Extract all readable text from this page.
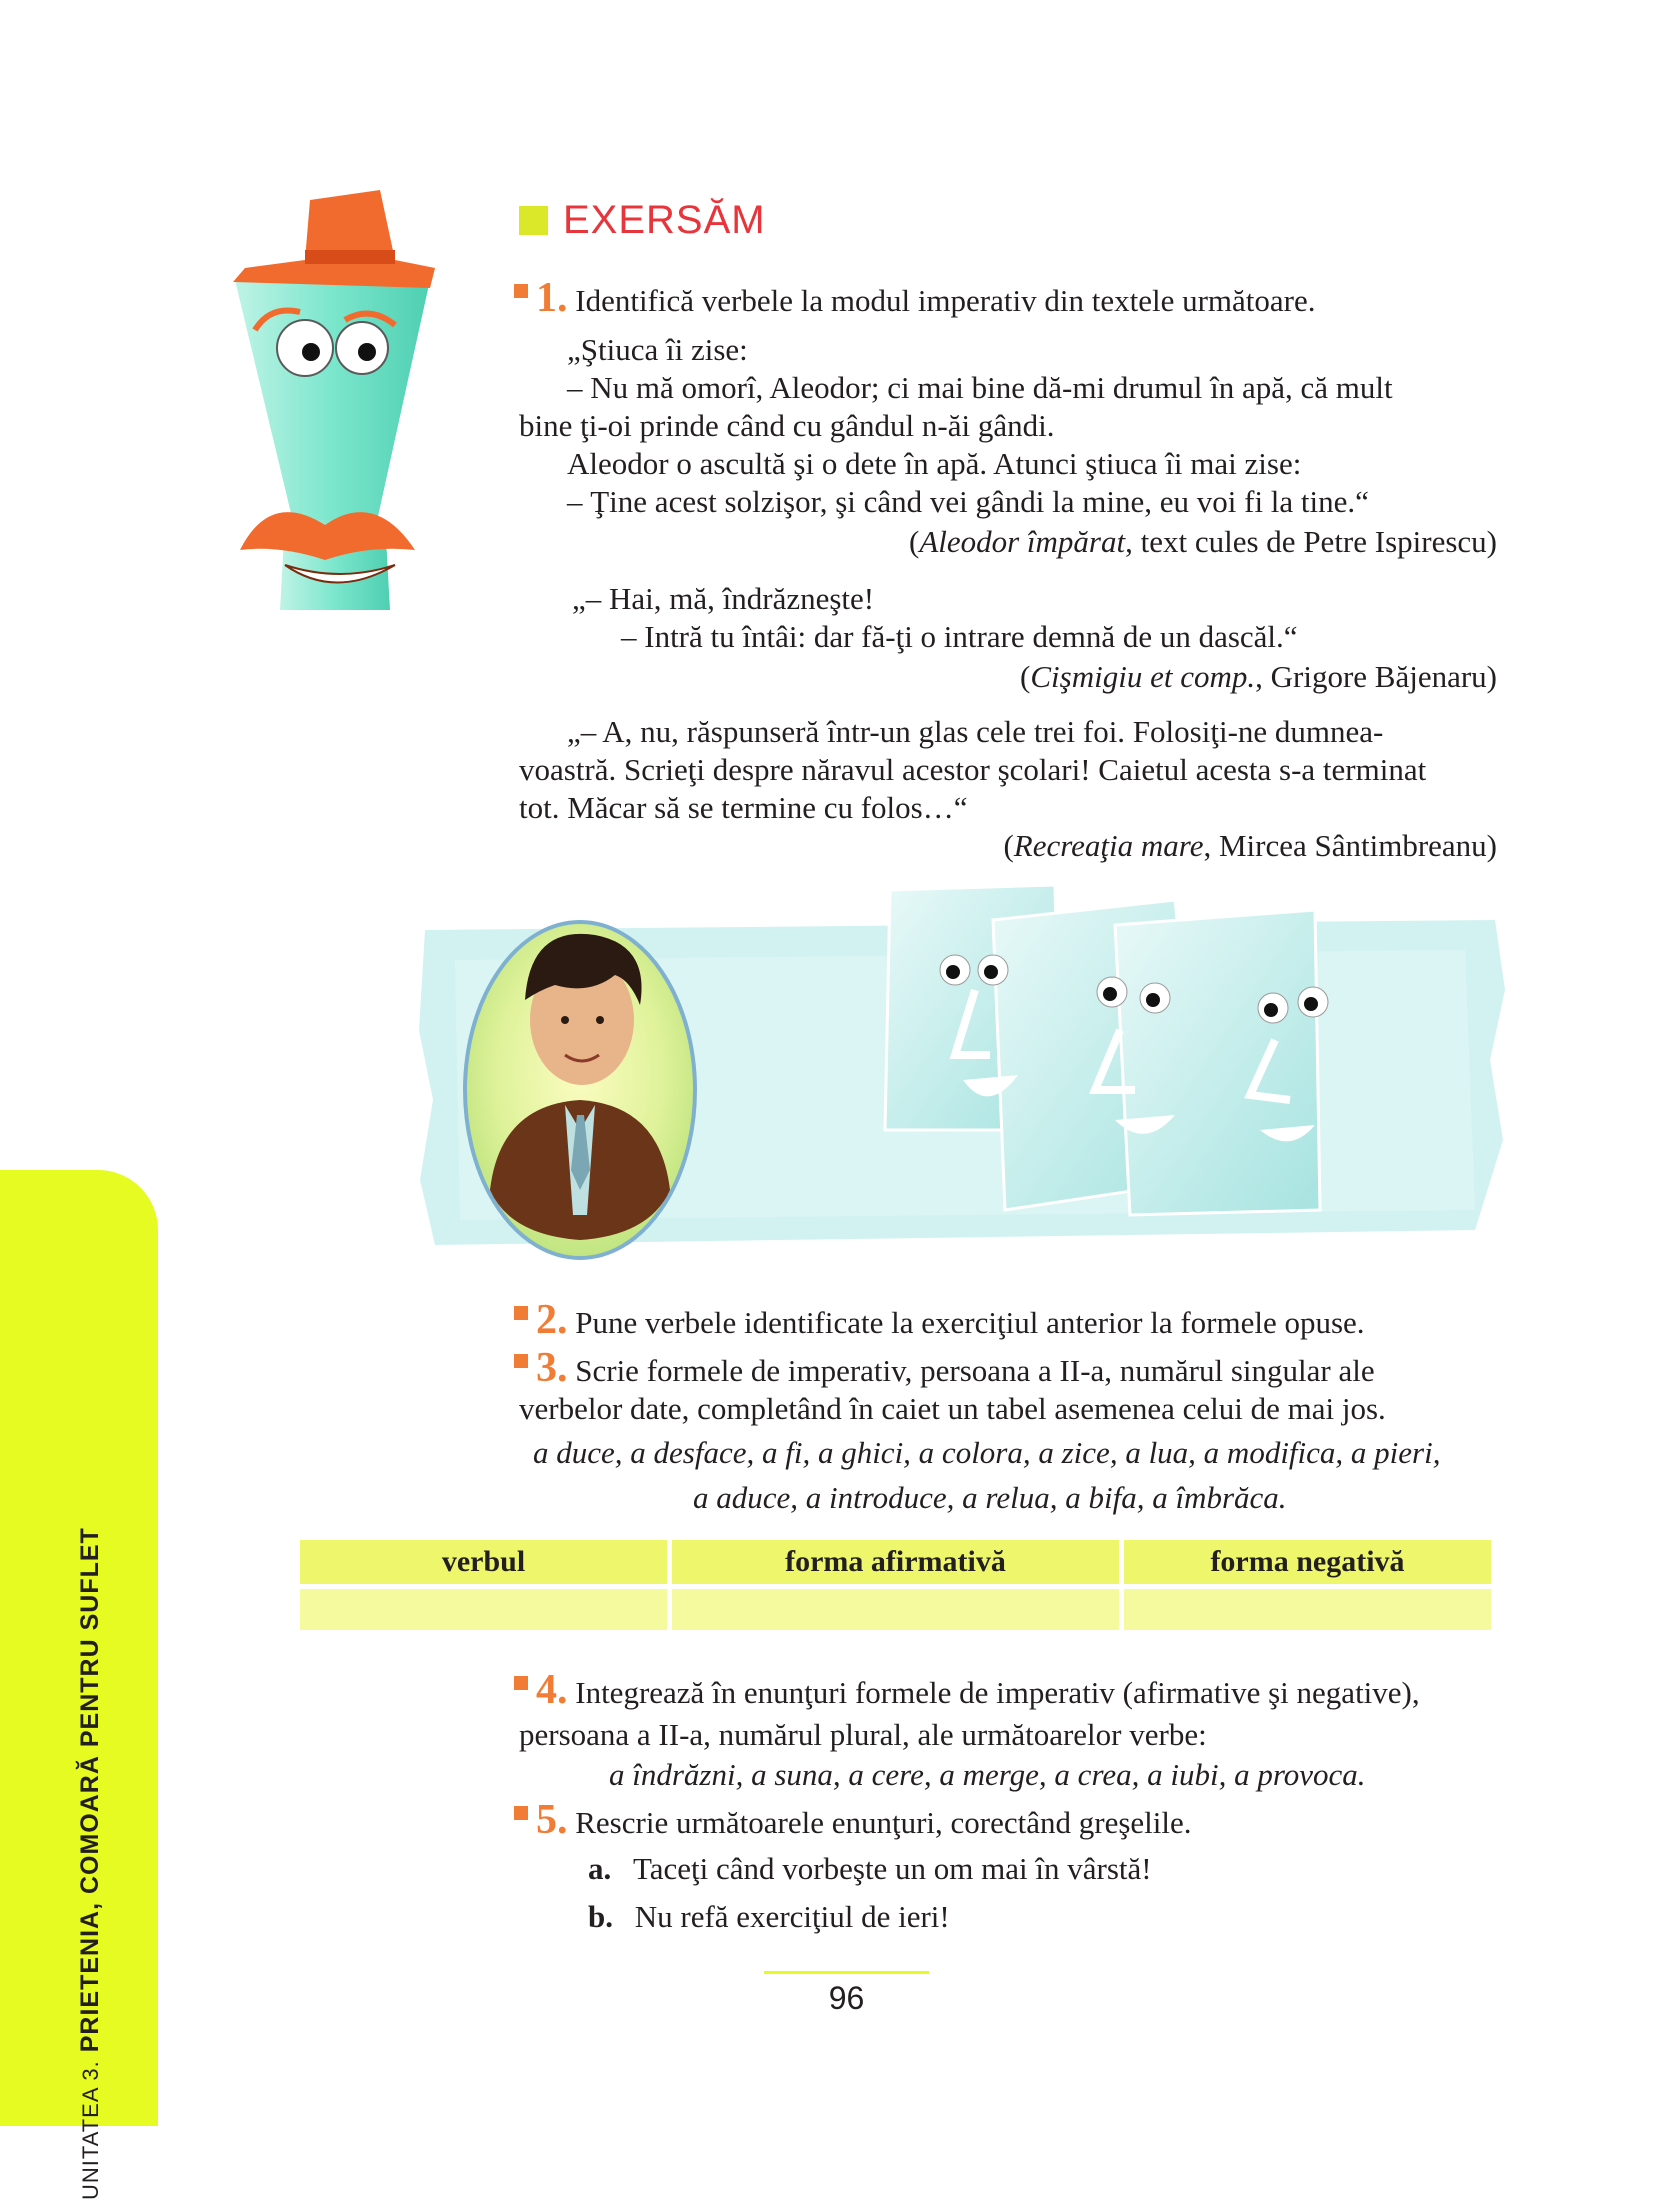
UNITATEA 3. PRIETENIA, COMOARĂ PENTRU SUFLET
EXERSĂM
1. Identifică verbele la modul imperativ din textele următoare.
„Ştiuca îi zise:
– Nu mă omorî, Aleodor; ci mai bine dă-mi drumul în apă, că mult
bine ţi-oi prinde când cu gândul n-ăi gândi.
Aleodor o ascultă şi o dete în apă. Atunci ştiuca îi mai zise:
– Ţine acest solzişor, şi când vei gândi la mine, eu voi fi la tine.“
(Aleodor împărat, text cules de Petre Ispirescu)
„– Hai, mă, îndrăzneşte!
– Intră tu întâi: dar fă-ţi o intrare demnă de un dascăl.“
(Cişmigiu et comp., Grigore Băjenaru)
„– A, nu, răspunseră într-un glas cele trei foi. Folosiţi-ne dumnea-
voastră. Scrieţi despre năravul acestor şcolari! Caietul acesta s-a terminat
tot. Măcar să se termine cu folos…“
(Recreaţia mare, Mircea Sântimbreanu)
2. Pune verbele identificate la exerciţiul anterior la formele opuse.
3. Scrie formele de imperativ, persoana a II-a, numărul singular ale
verbelor date, completând în caiet un tabel asemenea celui de mai jos.
a duce, a desface, a fi, a ghici, a colora, a zice, a lua, a modifica, a pieri,
a aduce, a introduce, a relua, a bifa, a îmbrăca.
verbul	forma afirmativă	forma negativă
4. Integrează în enunţuri formele de imperativ (afirmative şi negative),
persoana a II-a, numărul plural, ale următoarelor verbe:
a îndrăzni, a suna, a cere, a merge, a crea, a iubi, a provoca.
5. Rescrie următoarele enunţuri, corectând greşelile.
a. Taceţi când vorbeşte un om mai în vârstă!
b. Nu refă exerciţiul de ieri!
96
